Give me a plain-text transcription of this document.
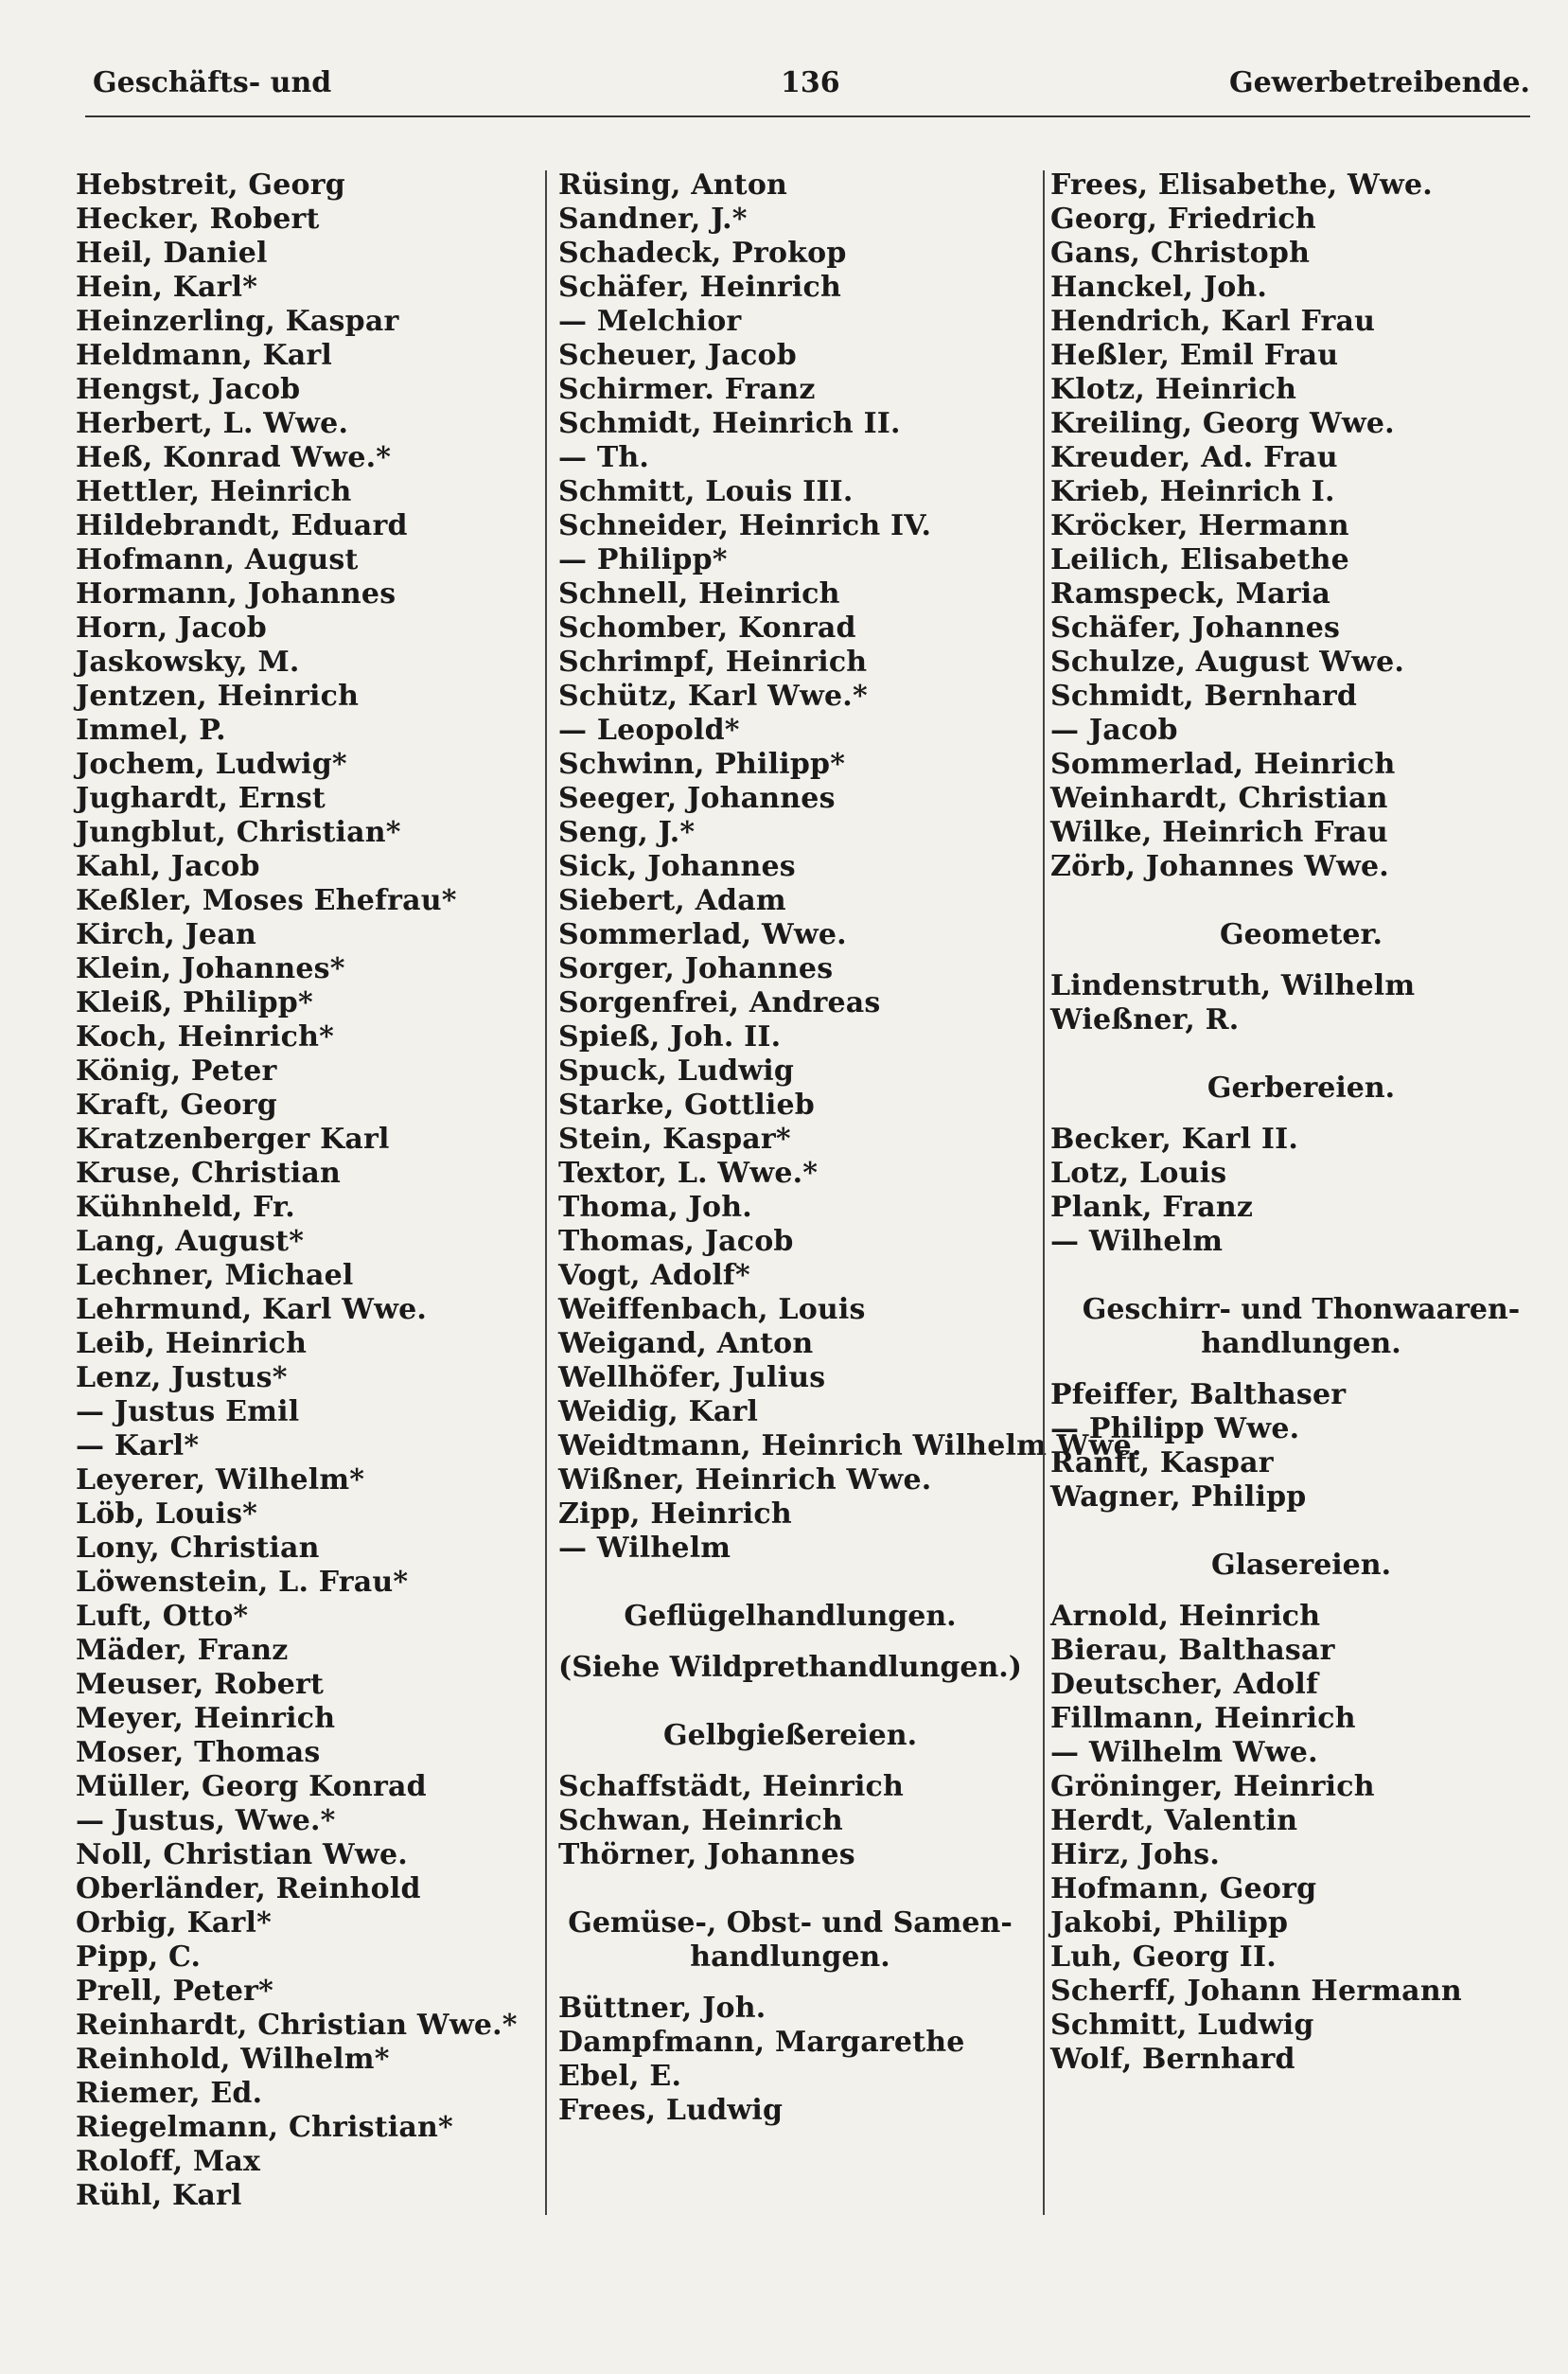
Geschäfts- und	136	Gewerbetreibende.
Hebstreit, Georg
Hecker, Robert
Heil, Daniel
Hein, Karl*
Heinzerling, Kaspar
Heldmann, Karl
Hengst, Jacob
Herbert, L. Wwe.
Heß, Konrad Wwe.*
Hettler, Heinrich
Hildebrandt, Eduard
Hofmann, August
Hormann, Johannes
Horn, Jacob
Jaskowsky, M.
Jentzen, Heinrich
Immel, P.
Jochem, Ludwig*
Jughardt, Ernst
Jungblut, Christian*
Kahl, Jacob
Keßler, Moses Ehefrau*
Kirch, Jean
Klein, Johannes*
Kleiß, Philipp*
Koch, Heinrich*
König, Peter
Kraft, Georg
Kratzenberger Karl
Kruse, Christian
Kühnheld, Fr.
Lang, August*
Lechner, Michael
Lehrmund, Karl Wwe.
Leib, Heinrich
Lenz, Justus*
— Justus Emil
— Karl*
Leyerer, Wilhelm*
Löb, Louis*
Lony, Christian
Löwenstein, L. Frau*
Luft, Otto*
Mäder, Franz
Meuser, Robert
Meyer, Heinrich
Moser, Thomas
Müller, Georg Konrad
— Justus, Wwe.*
Noll, Christian Wwe.
Oberländer, Reinhold
Orbig, Karl*
Pipp, C.
Prell, Peter*
Reinhardt, Christian Wwe.*
Reinhold, Wilhelm*
Riemer, Ed.
Riegelmann, Christian*
Roloff, Max
Rühl, Karl
Rüsing, Anton
Sandner, J.*
Schadeck, Prokop
Schäfer, Heinrich
— Melchior
Scheuer, Jacob
Schirmer. Franz
Schmidt, Heinrich II.
— Th.
Schmitt, Louis III.
Schneider, Heinrich IV.
— Philipp*
Schnell, Heinrich
Schomber, Konrad
Schrimpf, Heinrich
Schütz, Karl Wwe.*
— Leopold*
Schwinn, Philipp*
Seeger, Johannes
Seng, J.*
Sick, Johannes
Siebert, Adam
Sommerlad, Wwe.
Sorger, Johannes
Sorgenfrei, Andreas
Spieß, Joh. II.
Spuck, Ludwig
Starke, Gottlieb
Stein, Kaspar*
Textor, L. Wwe.*
Thoma, Joh.
Thomas, Jacob
Vogt, Adolf*
Weiffenbach, Louis
Weigand, Anton
Wellhöfer, Julius
Weidig, Karl
Weidtmann, Heinrich Wilhelm Wwe.
Wißner, Heinrich Wwe.
Zipp, Heinrich
— Wilhelm
Geflügelhandlungen.
(Siehe Wildprethandlungen.)
Gelbgießereien.
Schaffstädt, Heinrich
Schwan, Heinrich
Thörner, Johannes
Gemüse-, Obst- und Samen-
handlungen.
Büttner, Joh.
Dampfmann, Margarethe
Ebel, E.
Frees, Ludwig
Frees, Elisabethe, Wwe.
Georg, Friedrich
Gans, Christoph
Hanckel, Joh.
Hendrich, Karl Frau
Heßler, Emil Frau
Klotz, Heinrich
Kreiling, Georg Wwe.
Kreuder, Ad. Frau
Krieb, Heinrich I.
Kröcker, Hermann
Leilich, Elisabethe
Ramspeck, Maria
Schäfer, Johannes
Schulze, August Wwe.
Schmidt, Bernhard
— Jacob
Sommerlad, Heinrich
Weinhardt, Christian
Wilke, Heinrich Frau
Zörb, Johannes Wwe.
Geometer.
Lindenstruth, Wilhelm
Wießner, R.
Gerbereien.
Becker, Karl II.
Lotz, Louis
Plank, Franz
— Wilhelm
Geschirr- und Thonwaaren-
handlungen.
Pfeiffer, Balthaser
— Philipp Wwe.
Ranft, Kaspar
Wagner, Philipp
Glasereien.
Arnold, Heinrich
Bierau, Balthasar
Deutscher, Adolf
Fillmann, Heinrich
— Wilhelm Wwe.
Gröninger, Heinrich
Herdt, Valentin
Hirz, Johs.
Hofmann, Georg
Jakobi, Philipp
Luh, Georg II.
Scherff, Johann Hermann
Schmitt, Ludwig
Wolf, Bernhard
